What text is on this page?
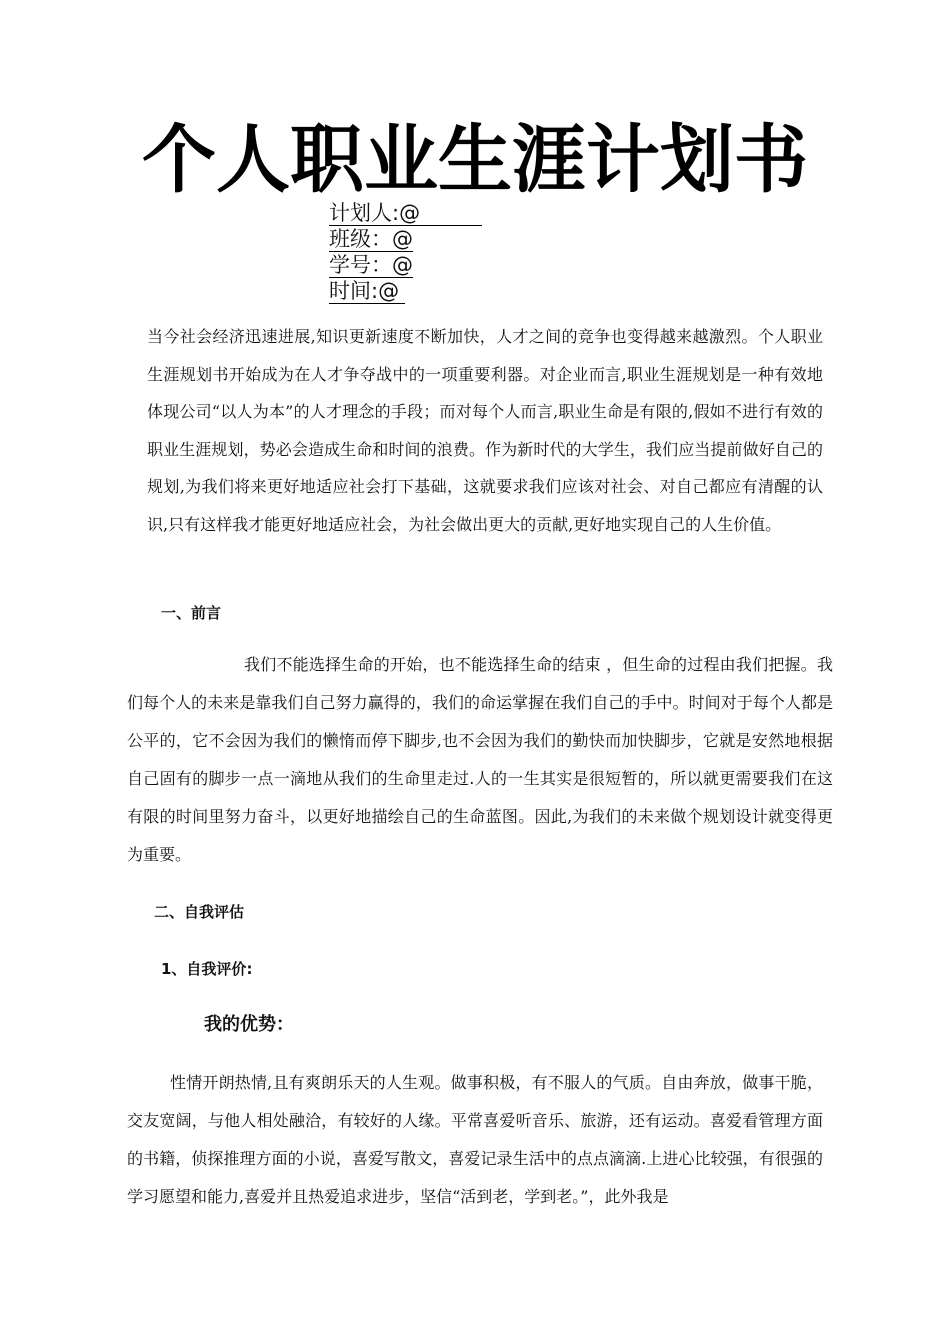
个人职业生涯计划书
计划人:@
班级：@
学号：@
时间:@

当今社会经济迅速进展,知识更新速度不断加快，人才之间的竞争也变得越来越激烈。个人职业生涯规划书开始成为在人才争夺战中的一项重要利器。对企业而言,职业生涯规划是一种有效地体现公司“以人为本”的人才理念的手段；而对每个人而言,职业生命是有限的,假如不进行有效的职业生涯规划，势必会造成生命和时间的浪费。作为新时代的大学生，我们应当提前做好自己的规划,为我们将来更好地适应社会打下基础，这就要求我们应该对社会、对自己都应有清醒的认识,只有这样我才能更好地适应社会，为社会做出更大的贡献,更好地实现自己的人生价值。

一、前言

我们不能选择生命的开始，也不能选择生命的结束 ，但生命的过程由我们把握。我们每个人的未来是靠我们自己努力赢得的，我们的命运掌握在我们自己的手中。时间对于每个人都是公平的，它不会因为我们的懒惰而停下脚步,也不会因为我们的勤快而加快脚步，它就是安然地根据自己固有的脚步一点一滴地从我们的生命里走过.人的一生其实是很短暂的，所以就更需要我们在这有限的时间里努力奋斗，以更好地描绘自己的生命蓝图。因此,为我们的未来做个规划设计就变得更为重要。

二、自我评估
1、自我评价:
我的优势：

性情开朗热情,且有爽朗乐天的人生观。做事积极，有不服人的气质。自由奔放，做事干脆，交友宽阔，与他人相处融洽，有较好的人缘。平常喜爱听音乐、旅游，还有运动。喜爱看管理方面的书籍，侦探推理方面的小说，喜爱写散文，喜爱记录生活中的点点滴滴.上进心比较强，有很强的学习愿望和能力,喜爱并且热爱追求进步，坚信“活到老，学到老。”，此外我是
